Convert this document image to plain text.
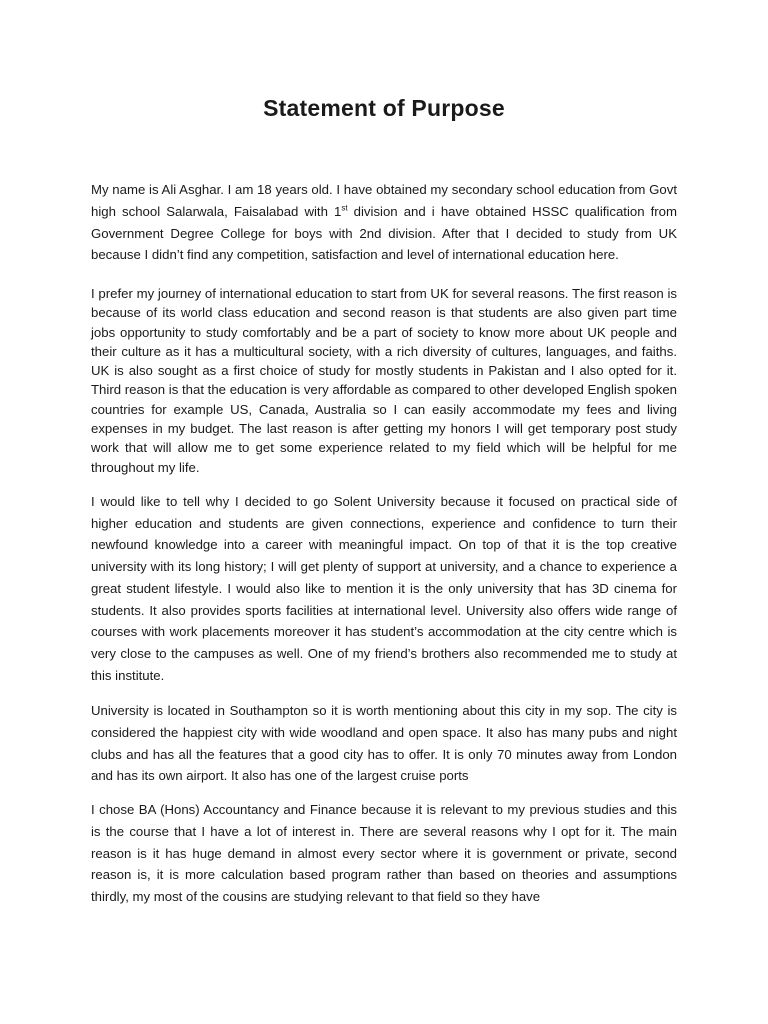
Statement of Purpose

My name is Ali Asghar. I am 18 years old. I have obtained my secondary school education from Govt high school Salarwala, Faisalabad with 1st division and i have obtained HSSC qualification from Government Degree College for boys with 2nd division. After that I decided to study from UK because I didn’t find any competition, satisfaction and level of international education here.

I prefer my journey of international education to start from UK for several reasons. The first reason is because of its world class education and second reason is that students are also given part time jobs opportunity to study comfortably and be a part of society to know more about UK people and their culture as it has a multicultural society, with a rich diversity of cultures, languages, and faiths. UK is also sought as a first choice of study for mostly students in Pakistan and I also opted for it. Third reason is that the education is very affordable as compared to other developed English spoken countries for example US, Canada, Australia so I can easily accommodate my fees and living expenses in my budget. The last reason is after getting my honors I will get temporary post study work that will allow me to get some experience related to my field which will be helpful for me throughout my life.

I would like to tell why I decided to go Solent University because it focused on practical side of higher education and students are given connections, experience and confidence to turn their newfound knowledge into a career with meaningful impact. On top of that it is the top creative university with its long history; I will get plenty of support at university, and a chance to experience a great student lifestyle. I would also like to mention it is the only university that has 3D cinema for students. It also provides sports facilities at international level. University also offers wide range of courses with work placements moreover it has student’s accommodation at the city centre which is very close to the campuses as well. One of my friend’s brothers also recommended me to study at this institute.

University is located in Southampton so it is worth mentioning about this city in my sop. The city is considered the happiest city with wide woodland and open space. It also has many pubs and night clubs and has all the features that a good city has to offer. It is only 70 minutes away from London and has its own airport. It also has one of the largest cruise ports

I chose BA (Hons) Accountancy and Finance because it is relevant to my previous studies and this is the course that I have a lot of interest in. There are several reasons why I opt for it. The main reason is it has huge demand in almost every sector where it is government or private, second reason is, it is more calculation based program rather than based on theories and assumptions thirdly, my most of the cousins are studying relevant to that field so they have
